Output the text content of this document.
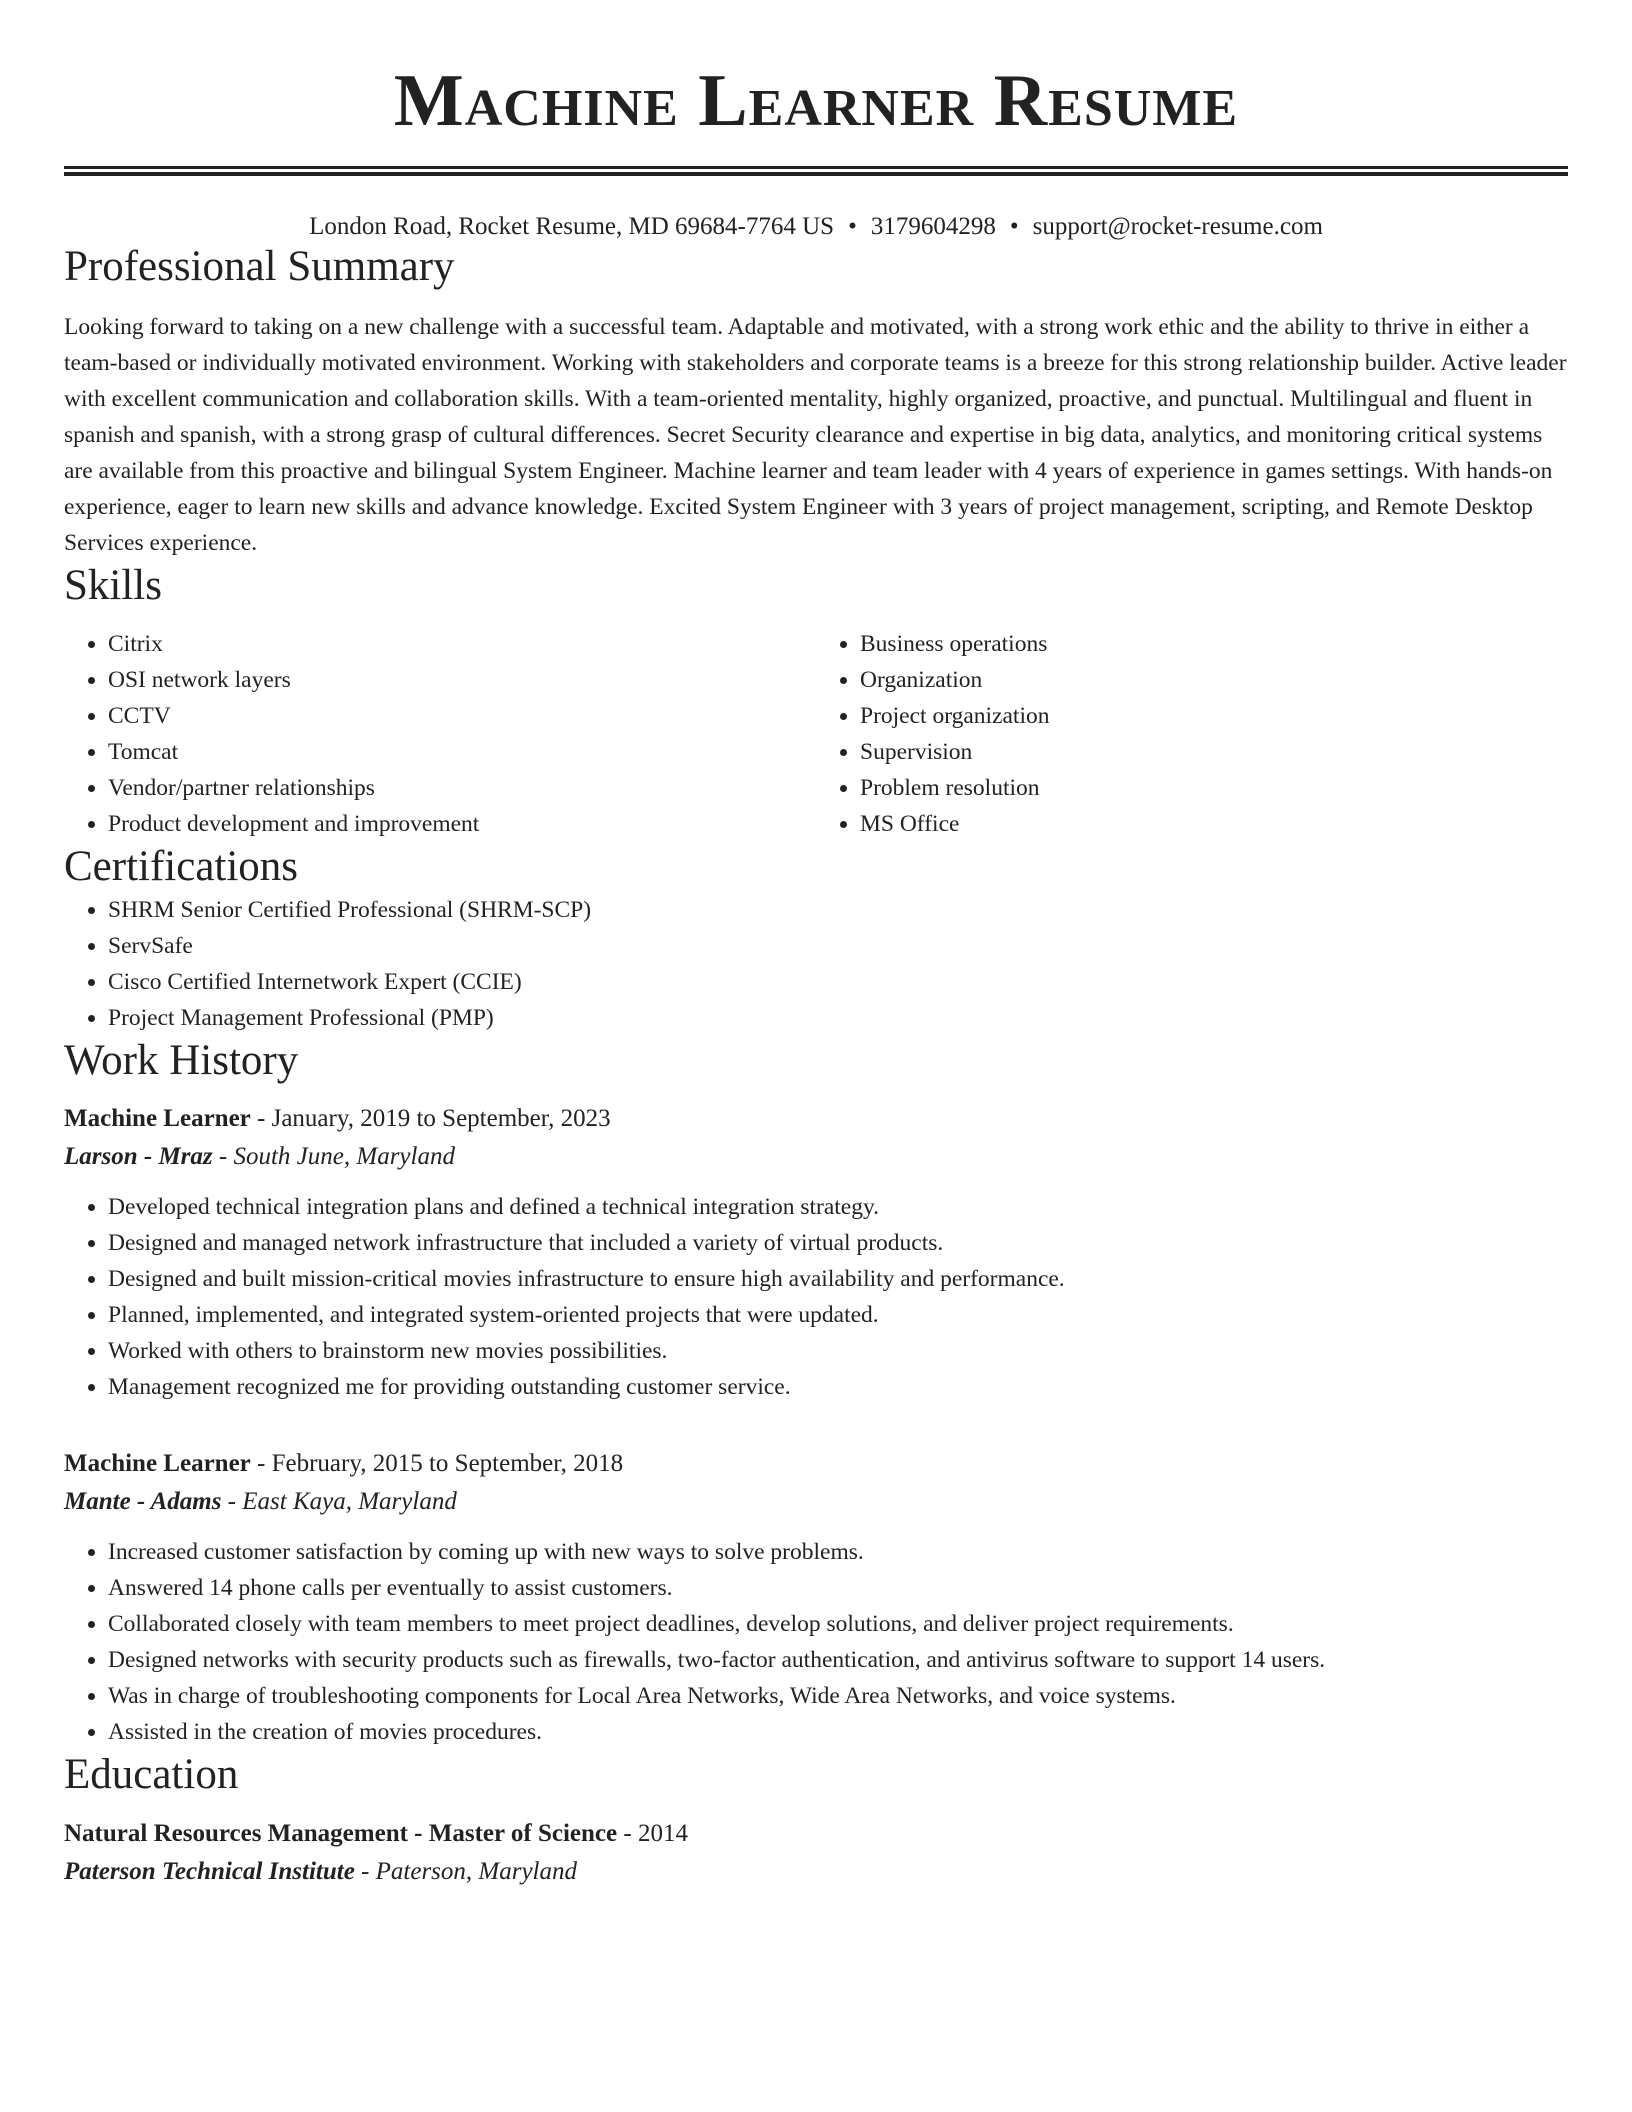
Machine Learner Resume
London Road, Rocket Resume, MD 69684-7764 US • 3179604298 • support@rocket-resume.com
Professional Summary

Looking forward to taking on a new challenge with a successful team. Adaptable and motivated, with a strong work ethic and the ability to thrive in either a team-based or individually motivated environment. Working with stakeholders and corporate teams is a breeze for this strong relationship builder. Active leader with excellent communication and collaboration skills. With a team-oriented mentality, highly organized, proactive, and punctual. Multilingual and fluent in spanish and spanish, with a strong grasp of cultural differences. Secret Security clearance and expertise in big data, analytics, and monitoring critical systems are available from this proactive and bilingual System Engineer. Machine learner and team leader with 4 years of experience in games settings. With hands-on experience, eager to learn new skills and advance knowledge. Excited System Engineer with 3 years of project management, scripting, and Remote Desktop Services experience.

Skills
• Citrix
• OSI network layers
• CCTV
• Tomcat
• Vendor/partner relationships
• Product development and improvement
• Business operations
• Organization
• Project organization
• Supervision
• Problem resolution
• MS Office
Certifications
• SHRM Senior Certified Professional (SHRM-SCP)
• ServSafe
• Cisco Certified Internetwork Expert (CCIE)
• Project Management Professional (PMP)
Work History
Machine Learner - January, 2019 to September, 2023
Larson - Mraz - South June, Maryland
• Developed technical integration plans and defined a technical integration strategy.
• Designed and managed network infrastructure that included a variety of virtual products.
• Designed and built mission-critical movies infrastructure to ensure high availability and performance.
• Planned, implemented, and integrated system-oriented projects that were updated.
• Worked with others to brainstorm new movies possibilities.
• Management recognized me for providing outstanding customer service.
Machine Learner - February, 2015 to September, 2018
Mante - Adams - East Kaya, Maryland
• Increased customer satisfaction by coming up with new ways to solve problems.
• Answered 14 phone calls per eventually to assist customers.
• Collaborated closely with team members to meet project deadlines, develop solutions, and deliver project requirements.
• Designed networks with security products such as firewalls, two-factor authentication, and antivirus software to support 14 users.
• Was in charge of troubleshooting components for Local Area Networks, Wide Area Networks, and voice systems.
• Assisted in the creation of movies procedures.
Education
Natural Resources Management - Master of Science - 2014
Paterson Technical Institute - Paterson, Maryland
